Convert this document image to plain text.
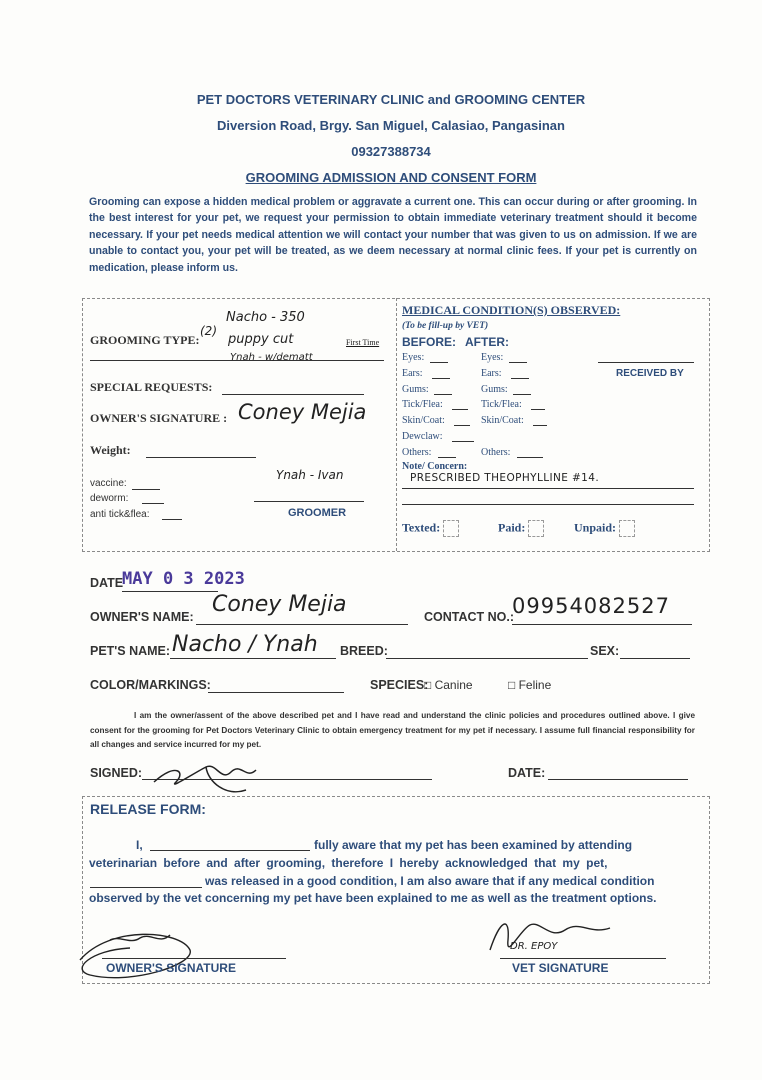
PET DOCTORS VETERINARY CLINIC and GROOMING CENTER
Diversion Road, Brgy. San Miguel, Calasiao, Pangasinan
09327388734
GROOMING ADMISSION AND CONSENT FORM
Grooming can expose a hidden medical problem or aggravate a current one. This can occur during or after grooming. In the best interest for your pet, we request your permission to obtain immediate veterinary treatment should it become necessary. If your pet needs medical attention we will contact your number that was given to us on admission. If we are unable to contact you, your pet will be treated, as we deem necessary at normal clinic fees. If your pet is currently on medication, please inform us.
GROOMING TYPE:	First Time
(2)
Nacho - 350
puppy cut
Ynah - w/dematt
SPECIAL REQUESTS:
OWNER'S SIGNATURE : Coney Mejia
Weight:
vaccine:
deworm:
anti tick&flea:
Ynah - Ivan
GROOMER
MEDICAL CONDITION(S) OBSERVED:
(To be fill-up by VET)
BEFORE: AFTER:
RECEIVED BY
Eyes:	Eyes:
Ears:	Ears:
Gums:	Gums:
Tick/Flea:	Tick/Flea:
Skin/Coat:	Skin/Coat:
Dewclaw:
Others:	Others:
Note/ Concern:
PRESCRIBED THEOPHYLLINE #14.
Texted:	Paid:	Unpaid:
DATE
MAY 0 3 2023
OWNER'S NAME: Coney Mejia	CONTACT NO.:
09954082527
PET'S NAME: Nacho / Ynah BREED:	SEX:
COLOR/MARKINGS:	SPECIES:
□ Canine	□ Feline
I am the owner/assent of the above described pet and I have read and understand the clinic policies and procedures outlined above. I give consent for the grooming for Pet Doctors Veterinary Clinic to obtain emergency treatment for my pet if necessary. I assume full financial responsibility for all changes and service incurred for my pet.
SIGNED:	DATE:
RELEASE FORM:
I,	fully aware that my pet has been examined by attending
veterinarian before and after grooming, therefore I hereby acknowledged that my pet,
was released in a good condition, I am also aware that if any medical condition
observed by the vet concerning my pet have been explained to me as well as the treatment options.
OWNER'S SIGNATURE
DR. EPOY
VET SIGNATURE
